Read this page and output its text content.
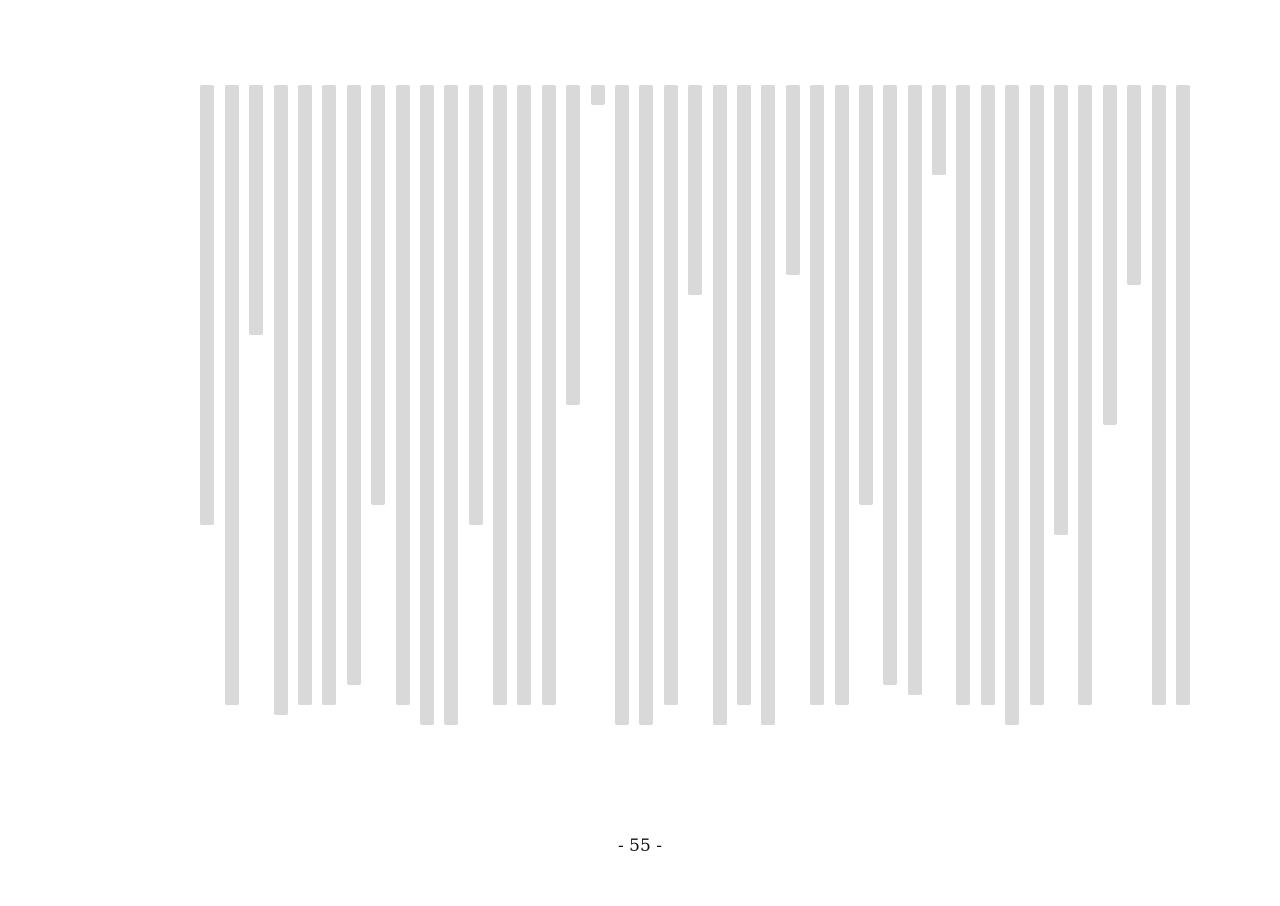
- 55 -
